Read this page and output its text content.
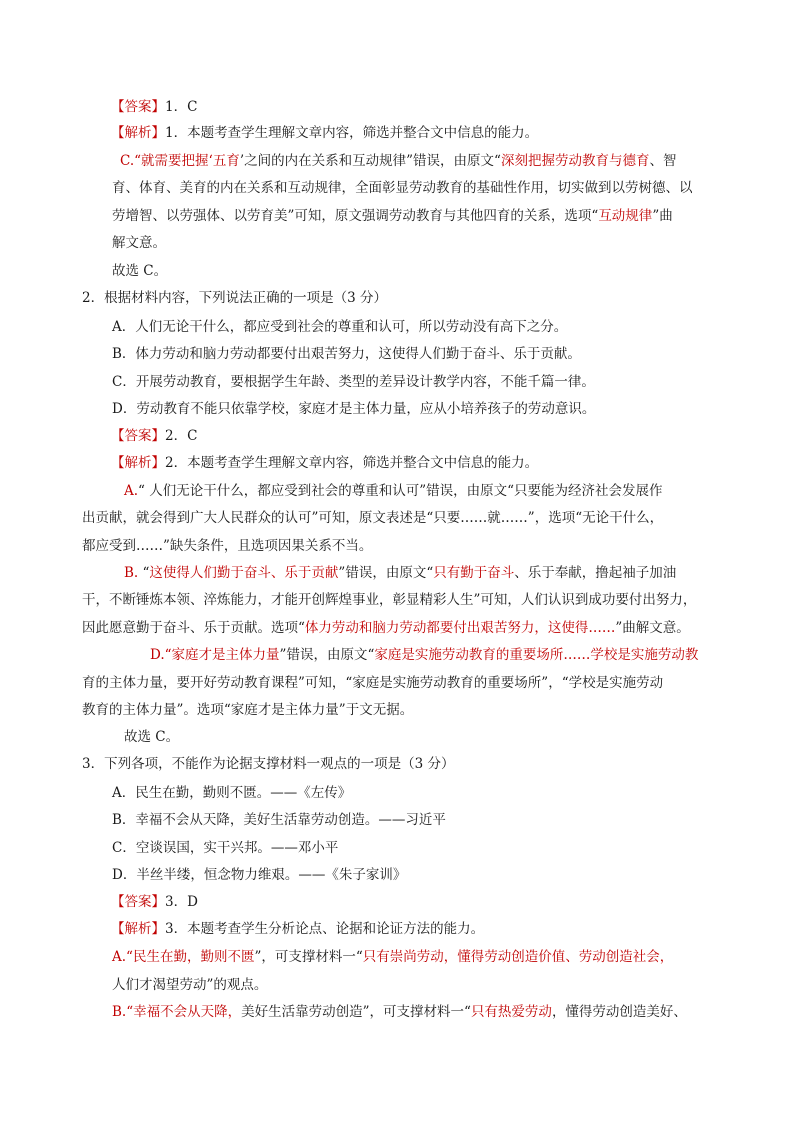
【答案】1．C
【解析】1．本题考查学生理解文章内容，筛选并整合文中信息的能力。
C.“就需要把握‘五育’之间的内在关系和互动规律”错误，由原文“深刻把握劳动教育与德育、智
育、体育、美育的内在关系和互动规律，全面彰显劳动教育的基础性作用，切实做到以劳树德、以
劳增智、以劳强体、以劳育美”可知，原文强调劳动教育与其他四育的关系，选项“互动规律”曲
解文意。
故选 C。
2．根据材料内容，下列说法正确的一项是（3 分）
A．人们无论干什么，都应受到社会的尊重和认可，所以劳动没有高下之分。
B．体力劳动和脑力劳动都要付出艰苦努力，这使得人们勤于奋斗、乐于贡献。
C．开展劳动教育，要根据学生年龄、类型的差异设计教学内容，不能千篇一律。
D．劳动教育不能只依靠学校，家庭才是主体力量，应从小培养孩子的劳动意识。
【答案】2．C
【解析】2．本题考查学生理解文章内容，筛选并整合文中信息的能力。
A.“ 人们无论干什么，都应受到社会的尊重和认可”错误，由原文“只要能为经济社会发展作
出贡献，就会得到广大人民群众的认可”可知，原文表述是“只要……就……”，选项“无论干什么，
都应受到……”缺失条件，且选项因果关系不当。
B. “这使得人们勤于奋斗、乐于贡献”错误，由原文“只有勤于奋斗、乐于奉献，撸起袖子加油
干，不断锤炼本领、淬炼能力，才能开创辉煌事业，彰显精彩人生”可知，人们认识到成功要付出努力，
因此愿意勤于奋斗、乐于贡献。选项“体力劳动和脑力劳动都要付出艰苦努力，这使得……”曲解文意。
D.“家庭才是主体力量”错误，由原文“家庭是实施劳动教育的重要场所……学校是实施劳动教
育的主体力量，要开好劳动教育课程”可知，“家庭是实施劳动教育的重要场所”，“学校是实施劳动
教育的主体力量”。选项“家庭才是主体力量”于文无据。
故选 C。
3．下列各项，不能作为论据支撑材料一观点的一项是（3 分）
A．民生在勤，勤则不匮。——《左传》
B．幸福不会从天降，美好生活靠劳动创造。——习近平
C．空谈误国，实干兴邦。——邓小平
D．半丝半缕，恒念物力维艰。——《朱子家训》
【答案】3．D
【解析】3．本题考查学生分析论点、论据和论证方法的能力。
A.“民生在勤，勤则不匮”，可支撑材料一“只有崇尚劳动，懂得劳动创造价值、劳动创造社会，
人们才渴望劳动”的观点。
B.“幸福不会从天降，美好生活靠劳动创造”，可支撑材料一“只有热爱劳动，懂得劳动创造美好、
